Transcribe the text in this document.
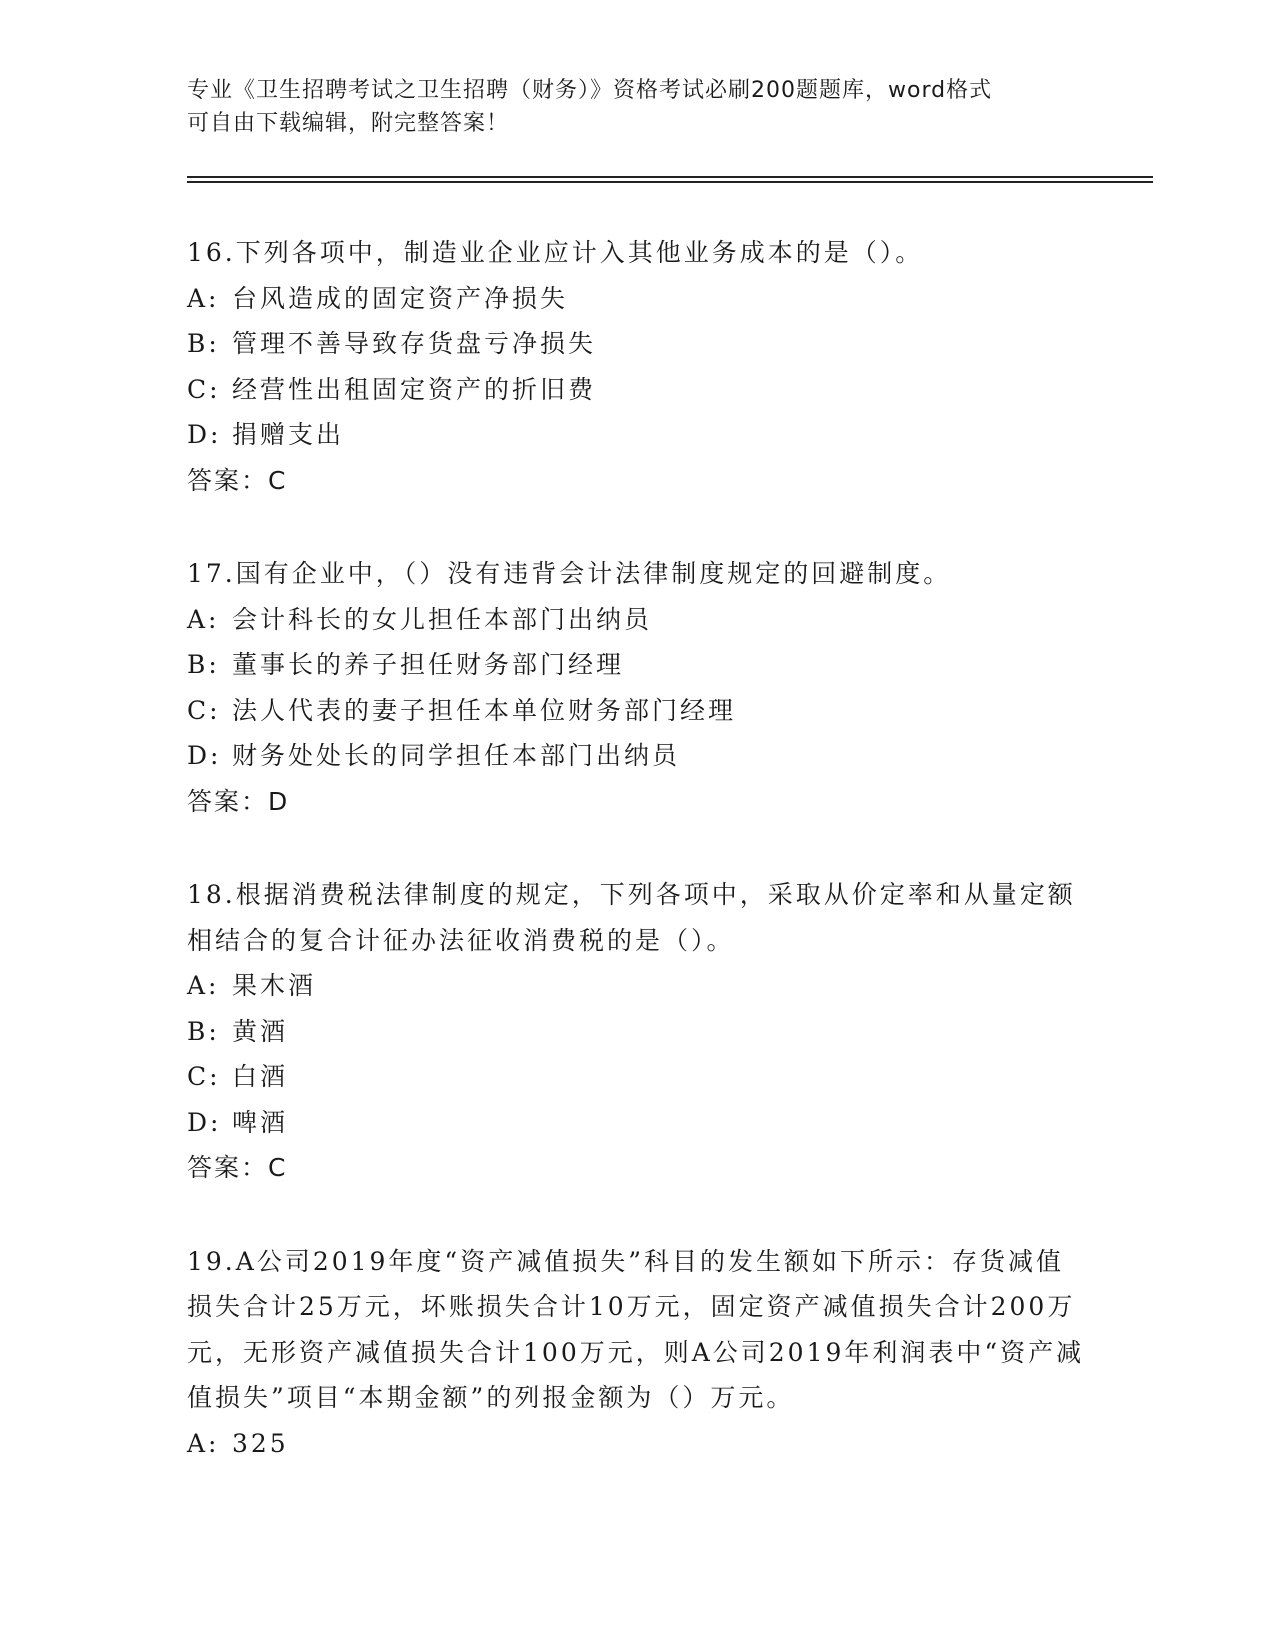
专业《卫生招聘考试之卫生招聘（财务）》资格考试必刷200题题库，word格式
可自由下载编辑，附完整答案！
16.下列各项中，制造业企业应计入其他业务成本的是（）。
A: 台风造成的固定资产净损失
B: 管理不善导致存货盘亏净损失
C: 经营性出租固定资产的折旧费
D: 捐赠支出
答案：C
17.国有企业中，（）没有违背会计法律制度规定的回避制度。
A: 会计科长的女儿担任本部门出纳员
B: 董事长的养子担任财务部门经理
C: 法人代表的妻子担任本单位财务部门经理
D: 财务处处长的同学担任本部门出纳员
答案：D
18.根据消费税法律制度的规定，下列各项中，采取从价定率和从量定额相结合的复合计征办法征收消费税的是（）。
A: 果木酒
B: 黄酒
C: 白酒
D: 啤酒
答案：C
19.A公司2019年度“资产减值损失”科目的发生额如下所示：存货减值损失合计25万元，坏账损失合计10万元，固定资产减值损失合计200万元，无形资产减值损失合计100万元，则A公司2019年利润表中“资产减值损失”项目“本期金额”的列报金额为（）万元。
A: 325
